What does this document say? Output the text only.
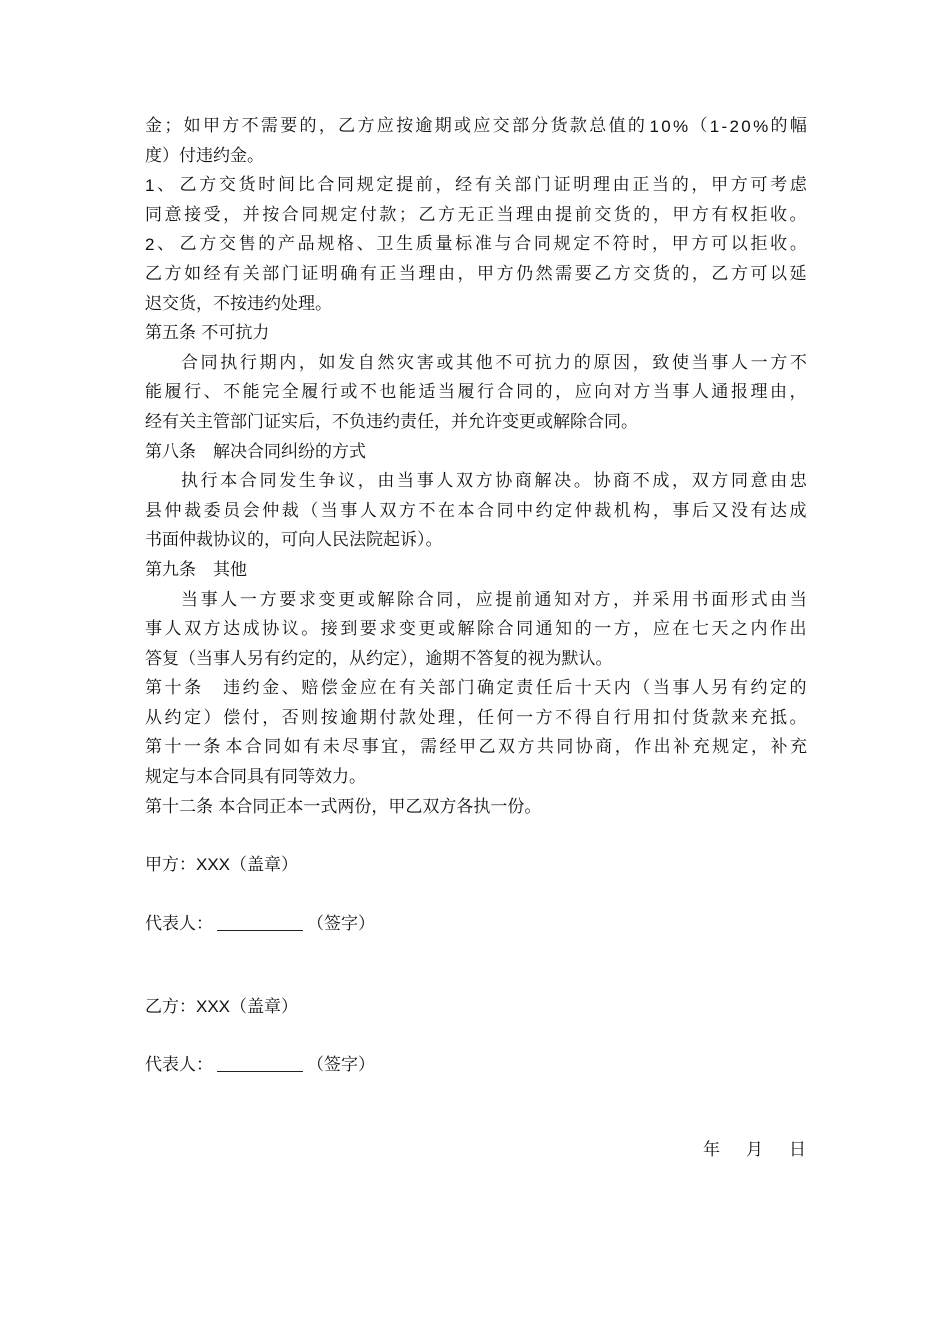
金 ； 如 甲 方 不 需 要 的 ， 乙 方 应 按 逾 期 或 应 交 部 分 货 款 总 值 的 1 0 % （ 1 - 2 0 % 的 幅
度）付违约金。
1 、 乙 方 交 货 时 间 比 合 同 规 定 提 前 ， 经 有 关 部 门 证 明 理 由 正 当 的 ， 甲 方 可 考 虑
同 意 接 受 ， 并 按 合 同 规 定 付 款 ； 乙 方 无 正 当 理 由 提 前 交 货 的 ， 甲 方 有 权 拒 收 。
2 、 乙 方 交 售 的 产 品 规 格 、 卫 生 质 量 标 准 与 合 同 规 定 不 符 时 ， 甲 方 可 以 拒 收 。
乙 方 如 经 有 关 部 门 证 明 确 有 正 当 理 由 ， 甲 方 仍 然 需 要 乙 方 交 货 的 ， 乙 方 可 以 延
迟交货，不按违约处理。
第五条 不可抗力
合 同 执 行 期 内 ， 如 发 自 然 灾 害 或 其 他 不 可 抗 力 的 原 因 ， 致 使 当 事 人 一 方 不
能 履 行 、 不 能 完 全 履 行 或 不 也 能 适 当 履 行 合 同 的 ， 应 向 对 方 当 事 人 通 报 理 由 ，
经有关主管部门证实后，不负违约责任，并允许变更或解除合同。
第八条　解决合同纠纷的方式
执 行 本 合 同 发 生 争 议 ， 由 当 事 人 双 方 协 商 解 决 。 协 商 不 成 ， 双 方 同 意 由 忠
县 仲 裁 委 员 会 仲 裁 （ 当 事 人 双 方 不 在 本 合 同 中 约 定 仲 裁 机 构 ， 事 后 又 没 有 达 成
书面仲裁协议的，可向人民法院起诉）。
第九条　其他
当 事 人 一 方 要 求 变 更 或 解 除 合 同 ， 应 提 前 通 知 对 方 ， 并 采 用 书 面 形 式 由 当
事 人 双 方 达 成 协 议 。 接 到 要 求 变 更 或 解 除 合 同 通 知 的 一 方 ， 应 在 七 天 之 内 作 出
答复（当事人另有约定的，从约定），逾期不答复的视为默认。
第 十 条
　 违 约 金 、 赔 偿 金 应 在 有 关 部 门 确 定 责 任 后 十 天 内 （ 当 事 人 另 有 约 定 的
从 约 定 ） 偿 付 ， 否 则 按 逾 期 付 款 处 理 ， 任 何 一 方 不 得 自 行 用 扣 付 货 款 来 充 抵 。
第 十 一 条 本 合 同 如 有 未 尽 事 宜 ， 需 经 甲 乙 双 方 共 同 协 商 ， 作 出 补 充 规 定 ， 补 充
规定与本合同具有同等效力。
第十二条 本合同正本一式两份，甲乙双方各执一份。
甲方：XXX（盖章）
代表人：	（签字）
乙方：XXX（盖章）
代表人：	（签字）
年 月 日
